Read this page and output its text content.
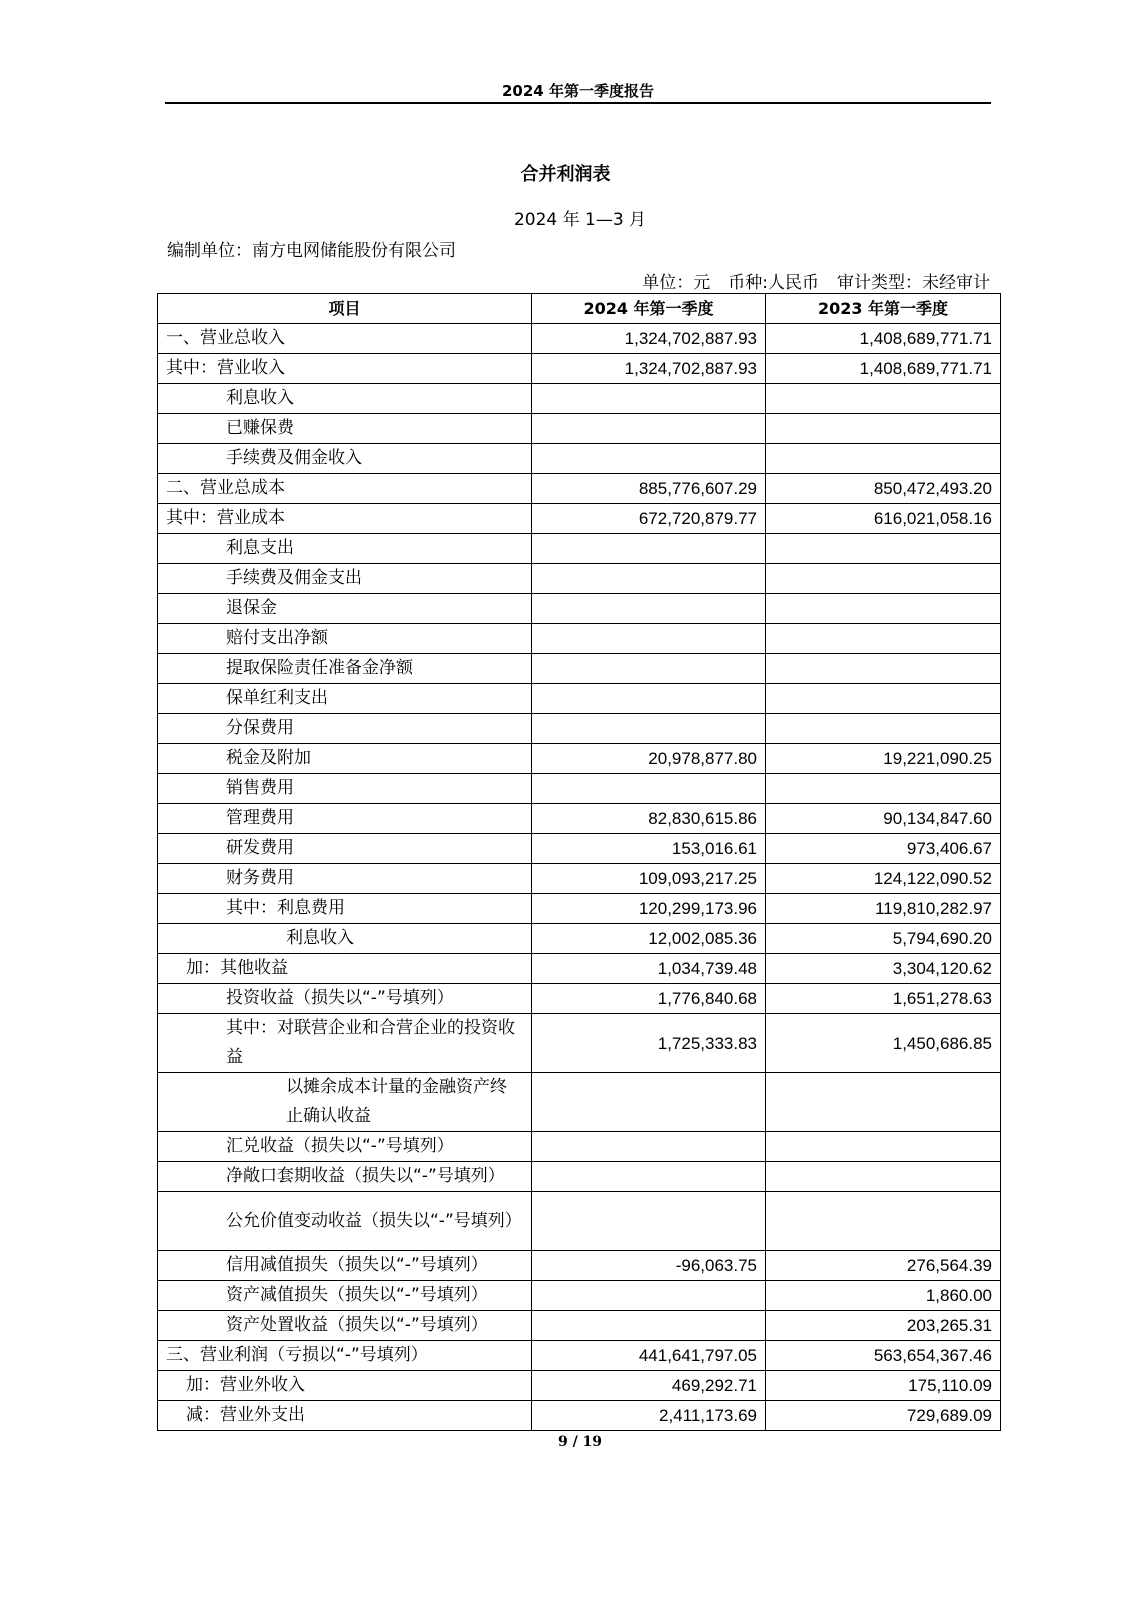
2024 年第一季度报告
合并利润表
2024 年 1—3 月
编制单位：南方电网储能股份有限公司
单位：元 币种:人民币 审计类型：未经审计
项目	2024 年第一季度	2023 年第一季度
一、营业总收入	1,324,702,887.93	1,408,689,771.71
其中：营业收入	1,324,702,887.93	1,408,689,771.71
利息收入		
已赚保费		
手续费及佣金收入		
二、营业总成本	885,776,607.29	850,472,493.20
其中：营业成本	672,720,879.77	616,021,058.16
利息支出		
手续费及佣金支出		
退保金		
赔付支出净额		
提取保险责任准备金净额		
保单红利支出		
分保费用		
税金及附加	20,978,877.80	19,221,090.25
销售费用		
管理费用	82,830,615.86	90,134,847.60
研发费用	153,016.61	973,406.67
财务费用	109,093,217.25	124,122,090.52
其中：利息费用	120,299,173.96	119,810,282.97
利息收入	12,002,085.36	5,794,690.20
加：其他收益	1,034,739.48	3,304,120.62
投资收益（损失以“-”号填列）	1,776,840.68	1,651,278.63
其中：对联营企业和合营企业的投资收益	1,725,333.83	1,450,686.85
以摊余成本计量的金融资产终止确认收益		
汇兑收益（损失以“-”号填列）		
净敞口套期收益（损失以“-”号填列）		
公允价值变动收益（损失以“-”号填列）		
信用减值损失（损失以“-”号填列）	-96,063.75	276,564.39
资产减值损失（损失以“-”号填列）		1,860.00
资产处置收益（损失以“-”号填列）		203,265.31
三、营业利润（亏损以“-”号填列）	441,641,797.05	563,654,367.46
加：营业外收入	469,292.71	175,110.09
减：营业外支出	2,411,173.69	729,689.09
9 / 19
